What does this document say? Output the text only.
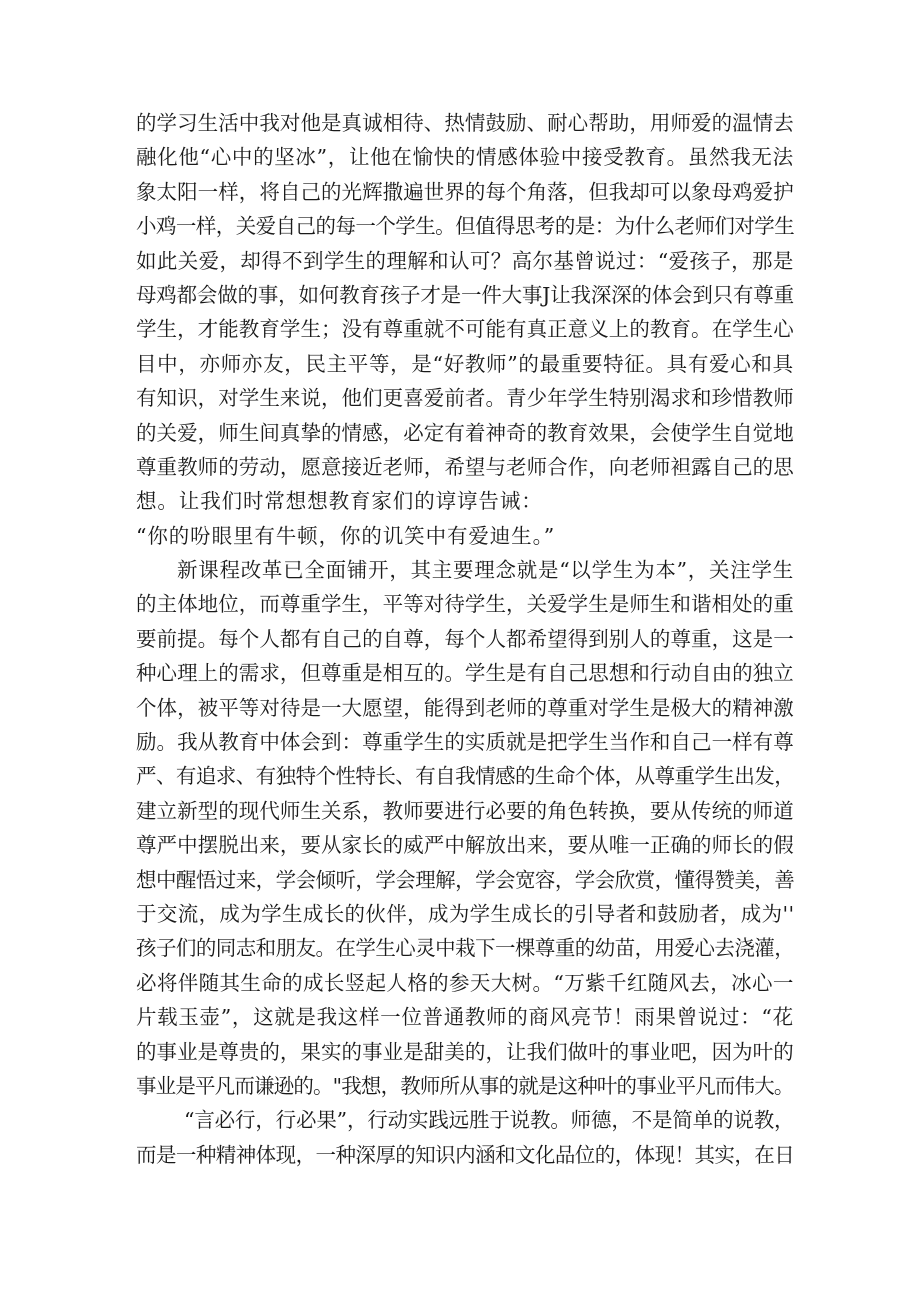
的学习生活中我对他是真诚相待、热情鼓励、耐心帮助，用师爱的温情去
融化他“心中的坚冰”，让他在愉快的情感体验中接受教育。虽然我无法
象太阳一样，将自己的光辉撒遍世界的每个角落，但我却可以象母鸡爱护
小鸡一样，关爱自己的每一个学生。但值得思考的是：为什么老师们对学生
如此关爱，却得不到学生的理解和认可？高尔基曾说过：“爱孩子，那是
母鸡都会做的事，如何教育孩子才是一件大事J让我深深的体会到只有尊重
学生，才能教育学生；没有尊重就不可能有真正意义上的教育。在学生心
目中，亦师亦友，民主平等，是“好教师”的最重要特征。具有爱心和具
有知识，对学生来说，他们更喜爱前者。青少年学生特别渴求和珍惜教师
的关爱，师生间真挚的情感，必定有着神奇的教育效果，会使学生自觉地
尊重教师的劳动，愿意接近老师，希望与老师合作，向老师袒露自己的思
想。让我们时常想想教育家们的谆谆告诫：
“你的吩眼里有牛顿，你的讥笑中有爱迪生。”
新课程改革已全面铺开，其主要理念就是“以学生为本”，关注学生
的主体地位，而尊重学生，平等对待学生，关爱学生是师生和谐相处的重
要前提。每个人都有自己的自尊，每个人都希望得到别人的尊重，这是一
种心理上的需求，但尊重是相互的。学生是有自己思想和行动自由的独立
个体，被平等对待是一大愿望，能得到老师的尊重对学生是极大的精神激
励。我从教育中体会到：尊重学生的实质就是把学生当作和自己一样有尊
严、有追求、有独特个性特长、有自我情感的生命个体，从尊重学生出发，
建立新型的现代师生关系，教师要进行必要的角色转换，要从传统的师道
尊严中摆脱出来，要从家长的威严中解放出来，要从唯一正确的师长的假
想中醒悟过来，学会倾听，学会理解，学会宽容，学会欣赏，懂得赞美，善
于交流，成为学生成长的伙伴，成为学生成长的引导者和鼓励者，成为''
孩子们的同志和朋友。在学生心灵中栽下一棵尊重的幼苗，用爱心去浇灌，
必将伴随其生命的成长竖起人格的参天大树。“万紫千红随风去，冰心一
片载玉壶”，这就是我这样一位普通教师的商风亮节！雨果曾说过：“花
的事业是尊贵的，果实的事业是甜美的，让我们做叶的事业吧，因为叶的
事业是平凡而谦逊的。"我想，教师所从事的就是这种叶的事业平凡而伟大。
“言必行，行必果”，行动实践远胜于说教。师德，不是简单的说教，
而是一种精神体现，一种深厚的知识内涵和文化品位的，体现！其实，在日
